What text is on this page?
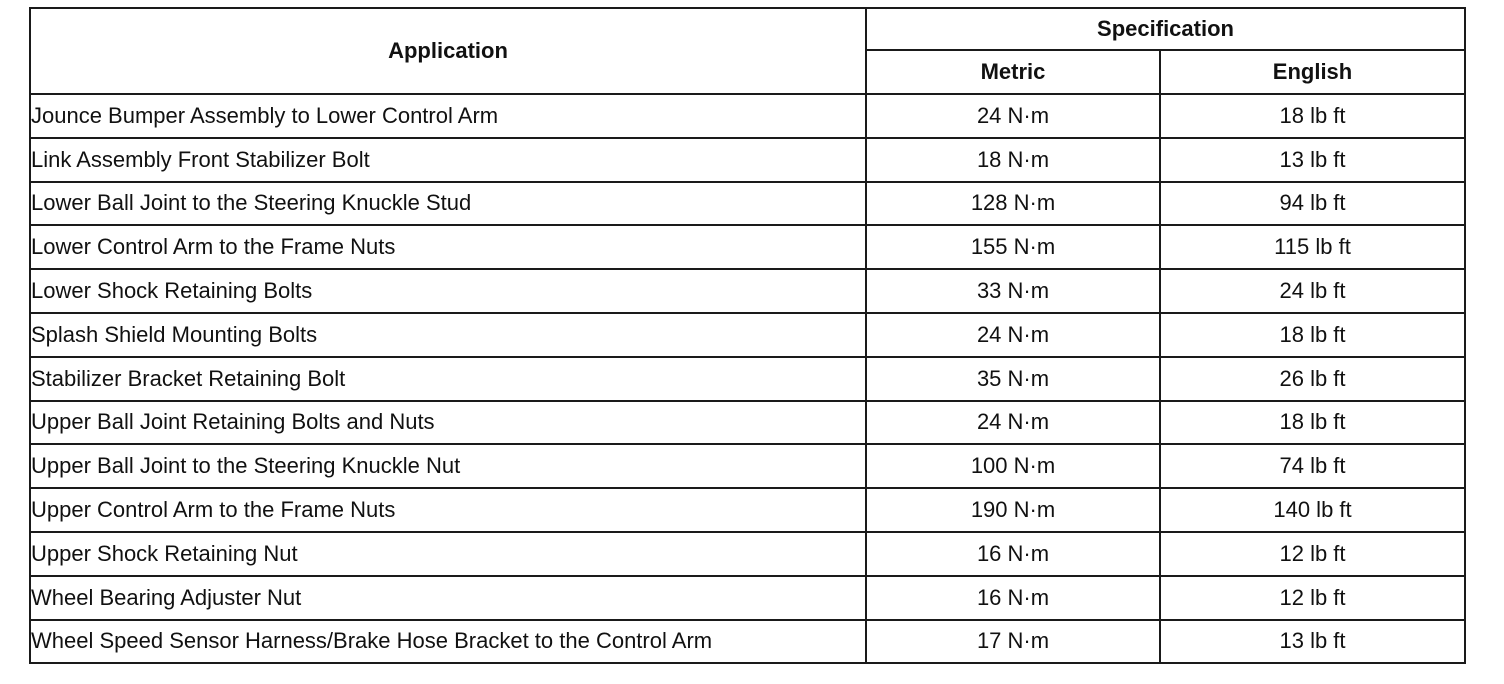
Application	Specification	
	Metric	English
Jounce Bumper Assembly to Lower Control Arm	24 N·m	18 lb ft
Link Assembly Front Stabilizer Bolt	18 N·m	13 lb ft
Lower Ball Joint to the Steering Knuckle Stud	128 N·m	94 lb ft
Lower Control Arm to the Frame Nuts	155 N·m	115 lb ft
Lower Shock Retaining Bolts	33 N·m	24 lb ft
Splash Shield Mounting Bolts	24 N·m	18 lb ft
Stabilizer Bracket Retaining Bolt	35 N·m	26 lb ft
Upper Ball Joint Retaining Bolts and Nuts	24 N·m	18 lb ft
Upper Ball Joint to the Steering Knuckle Nut	100 N·m	74 lb ft
Upper Control Arm to the Frame Nuts	190 N·m	140 lb ft
Upper Shock Retaining Nut	16 N·m	12 lb ft
Wheel Bearing Adjuster Nut	16 N·m	12 lb ft
Wheel Speed Sensor Harness/Brake Hose Bracket to the Control Arm	17 N·m	13 lb ft
